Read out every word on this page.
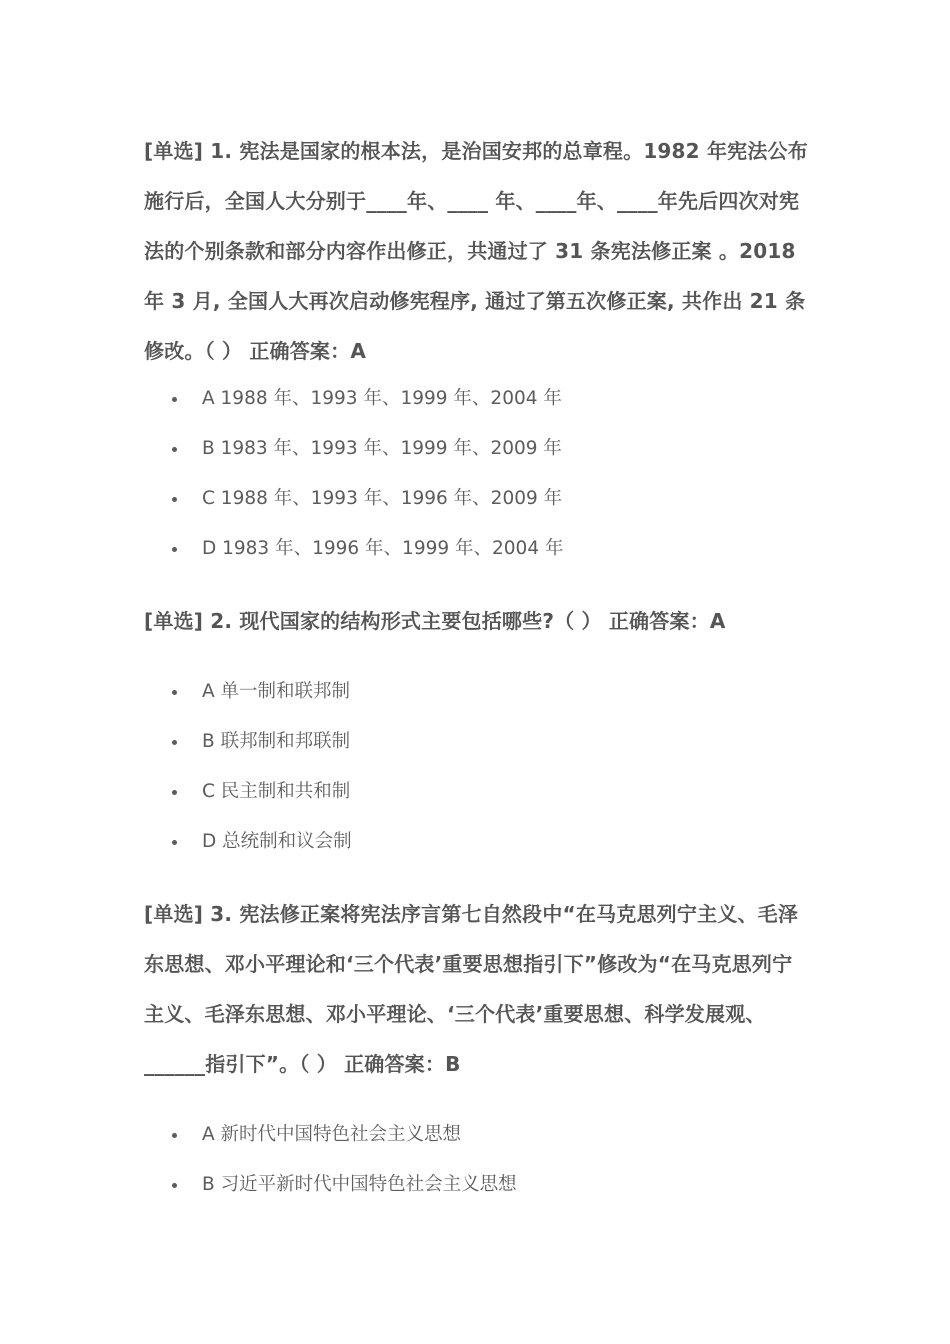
[单选] 1. 宪法是国家的根本法，是治国安邦的总章程。1982 年宪法公布施行后，全国人大分别于____年、____ 年、____年、____年先后四次对宪法的个别条款和部分内容作出修正，共通过了 31 条宪法修正案 。2018 年 3 月, 全国人大再次启动修宪程序, 通过了第五次修正案, 共作出 21 条修改。（ ） 正确答案：A

A 1988 年、1993 年、1999 年、2004 年
B 1983 年、1993 年、1999 年、2009 年
C 1988 年、1993 年、1996 年、2009 年
D 1983 年、1996 年、1999 年、2004 年

[单选] 2. 现代国家的结构形式主要包括哪些?（ ） 正确答案：A

A 单一制和联邦制
B 联邦制和邦联制
C 民主制和共和制
D 总统制和议会制

[单选] 3. 宪法修正案将宪法序言第七自然段中“在马克思列宁主义、毛泽东思想、邓小平理论和‘三个代表’重要思想指引下”修改为“在马克思列宁主义、毛泽东思想、邓小平理论、‘三个代表’重要思想、科学发展观、______指引下”。（ ） 正确答案：B

A 新时代中国特色社会主义思想
B 习近平新时代中国特色社会主义思想
